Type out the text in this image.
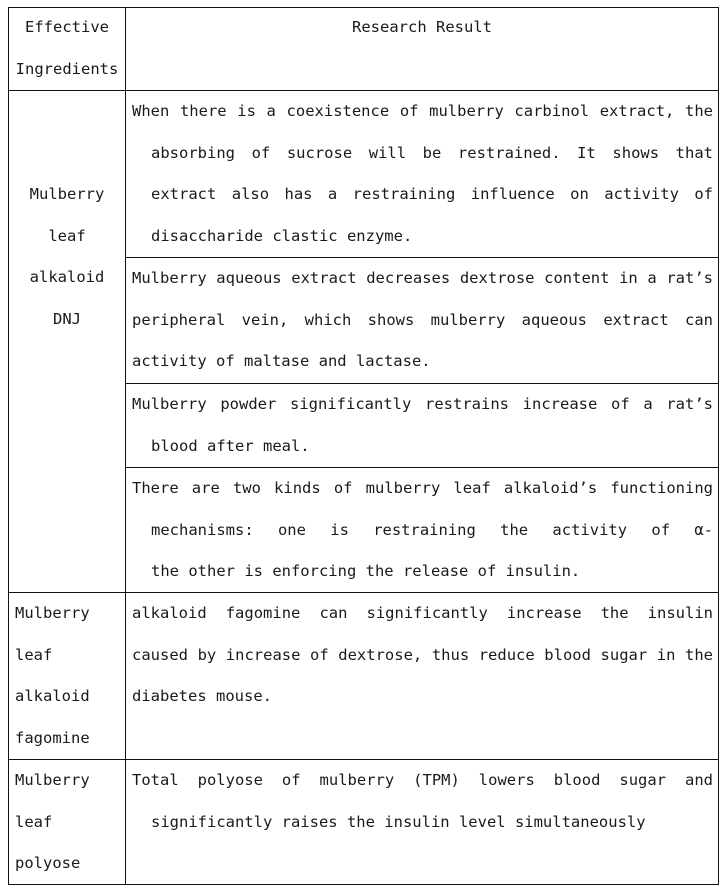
Effective
Ingredients
Research Result
Mulberry
leaf
alkaloid
DNJ
When there is a coexistence of mulberry carbinol extract, the
absorbing of sucrose will be restrained. It shows that
extract also has a restraining influence on activity of
disaccharide clastic enzyme.
Mulberry aqueous extract decreases dextrose content in a rat’s
peripheral vein, which shows mulberry aqueous extract can
activity of maltase and lactase.
Mulberry powder significantly restrains increase of a rat’s
blood after meal.
There are two kinds of mulberry leaf alkaloid’s functioning
mechanisms: one is restraining the activity of α-
the other is enforcing the release of insulin.
Mulberry
leaf
alkaloid
fagomine
alkaloid fagomine can significantly increase the insulin
caused by increase of dextrose, thus reduce blood sugar in the
diabetes mouse.
Mulberry
leaf
polyose
Total polyose of mulberry (TPM) lowers blood sugar and
significantly raises the insulin level simultaneously
